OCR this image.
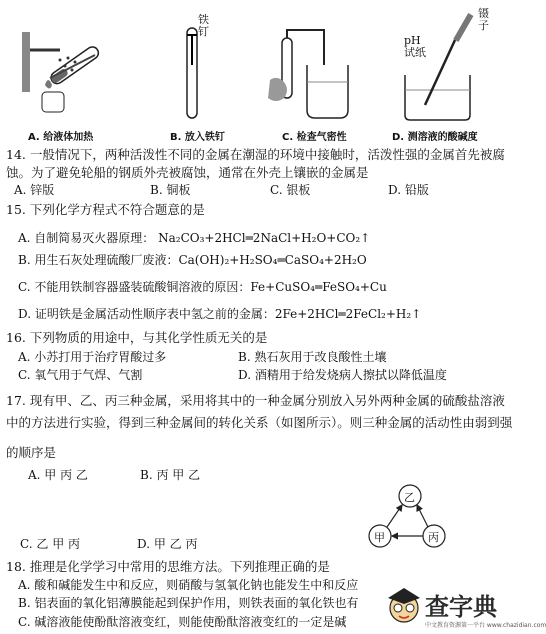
A. 给液体加热
铁钉
B. 放入铁钉	C. 检查气密性
pH试纸
镊子
D. 测溶液的酸碱度
14. 一般情况下，两种活泼性不同的金属在潮湿的环境中接触时，活泼性强的金属首先被腐
蚀。为了避免轮船的钢质外壳被腐蚀，通常在外壳上镶嵌的金属是
A. 锌版	B. 铜板	C. 银板	D. 铅版
15. 下列化学方程式不符合题意的是
A. 自制简易灭火器原理： Na₂CO₃+2HCl═2NaCl+H₂O+CO₂↑
B. 用生石灰处理硫酸厂废液：Ca(OH)₂+H₂SO₄═CaSO₄+2H₂O
C. 不能用铁制容器盛装硫酸铜溶液的原因：Fe+CuSO₄═FeSO₄+Cu
D. 证明铁是金属活动性顺序表中氢之前的金属：2Fe+2HCl═2FeCl₂+H₂↑
16. 下列物质的用途中，与其化学性质无关的是
A. 小苏打用于治疗胃酸过多	B. 熟石灰用于改良酸性土壤
C. 氧气用于气焊、气割	D. 酒精用于给发烧病人擦拭以降低温度
17. 现有甲、乙、丙三种金属，采用将其中的一种金属分别放入另外两种金属的硫酸盐溶液
中的方法进行实验，得到三种金属间的转化关系（如图所示）。则三种金属的活动性由弱到强
的顺序是
A. 甲 丙 乙	B. 丙 甲 乙
C. 乙 甲 丙	D. 甲 乙 丙
乙
甲	丙
18. 推理是化学学习中常用的思维方法。下列推理正确的是
A. 酸和碱能发生中和反应，则硝酸与氢氧化钠也能发生中和反应
B. 铝表面的氧化铝薄膜能起到保护作用，则铁表面的氧化铁也有
C. 碱溶液能使酚酞溶液变红，则能使酚酞溶液变红的一定是碱
查字典
中文教育资源第一平台 www.chazidian.com
